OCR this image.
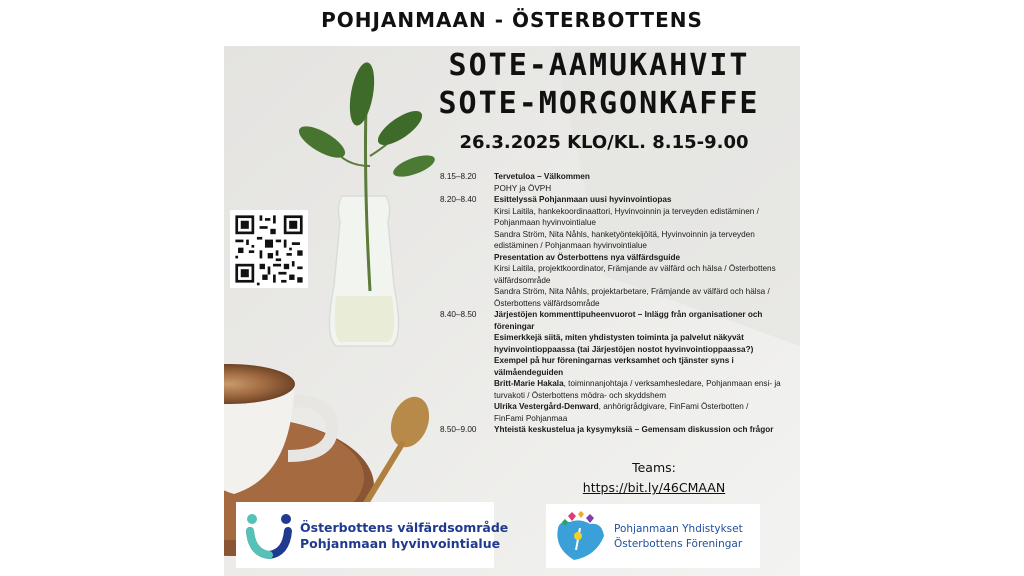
POHJANMAAN - ÖSTERBOTTENS
SOTE-AAMUKAHVIT
SOTE-MORGONKAFFE
26.3.2025 KLO/KL. 8.15-9.00
8.15–8.20	Tervetuloa – Välkommen
POHY ja ÖVPH
8.20–8.40	Esittelyssä Pohjanmaan uusi hyvinvointiopas
Kirsi Laitila, hankekoordinaattori, Hyvinvoinnin ja terveyden edistäminen /
Pohjanmaan hyvinvointialue
Sandra Ström, Nita Nåhls, hanketyöntekijöitä, Hyvinvoinnin ja terveyden
edistäminen / Pohjanmaan hyvinvointialue
Presentation av Österbottens nya välfärdsguide
Kirsi Laitila, projektkoordinator, Främjande av välfärd och hälsa / Österbottens
välfärdsområde
Sandra Ström, Nita Nåhls, projektarbetare, Främjande av välfärd och hälsa /
Österbottens välfärdsområde
8.40–8.50	Järjestöjen kommenttipuheenvuorot – Inlägg från organisationer och
föreningar
Esimerkkejä siitä, miten yhdistysten toiminta ja palvelut näkyvät
hyvinvointioppaassa (tai Järjestöjen nostot hyvinvointioppaassa?)
Exempel på hur föreningarnas verksamhet och tjänster syns i
välmåendeguiden
Britt-Marie Hakala, toiminnanjohtaja / verksamhesledare, Pohjanmaan ensi- ja
turvakoti / Österbottens mödra- och skyddshem
Ulrika Vestergård-Denward, anhörigrådgivare, FinFami Österbotten /
FinFami Pohjanmaa
8.50–9.00	Yhteistä keskustelua ja kysymyksiä – Gemensam diskussion och frågor
Teams:
https://bit.ly/46CMAAN
Österbottens välfärdsområde
Pohjanmaan hyvinvointialue
Pohjanmaan Yhdistykset
Österbottens Föreningar
